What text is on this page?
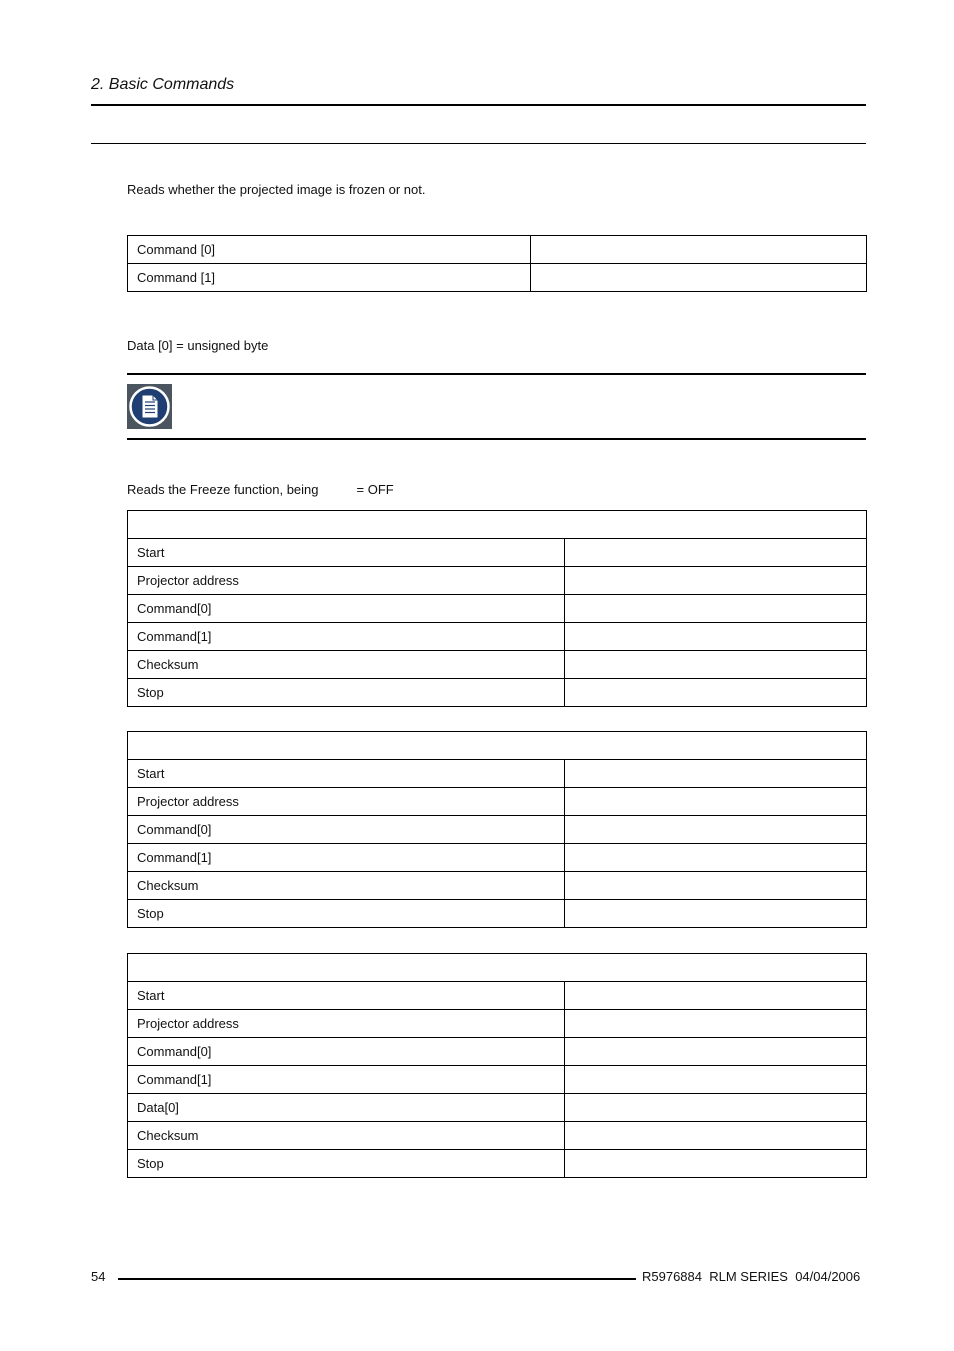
2. Basic Commands
Reads whether the projected image is frozen or not.
Command [0]	
Command [1]	
Data [0] = unsigned byte
Reads the Freeze function, being	= OFF

Start	
Projector address	
Command[0]	
Command[1]	
Checksum	
Stop	

Start	
Projector address	
Command[0]	
Command[1]	
Checksum	
Stop	

Start	
Projector address	
Command[0]	
Command[1]	
Data[0]	
Checksum	
Stop	
54	R5976884  RLM SERIES  04/04/2006
